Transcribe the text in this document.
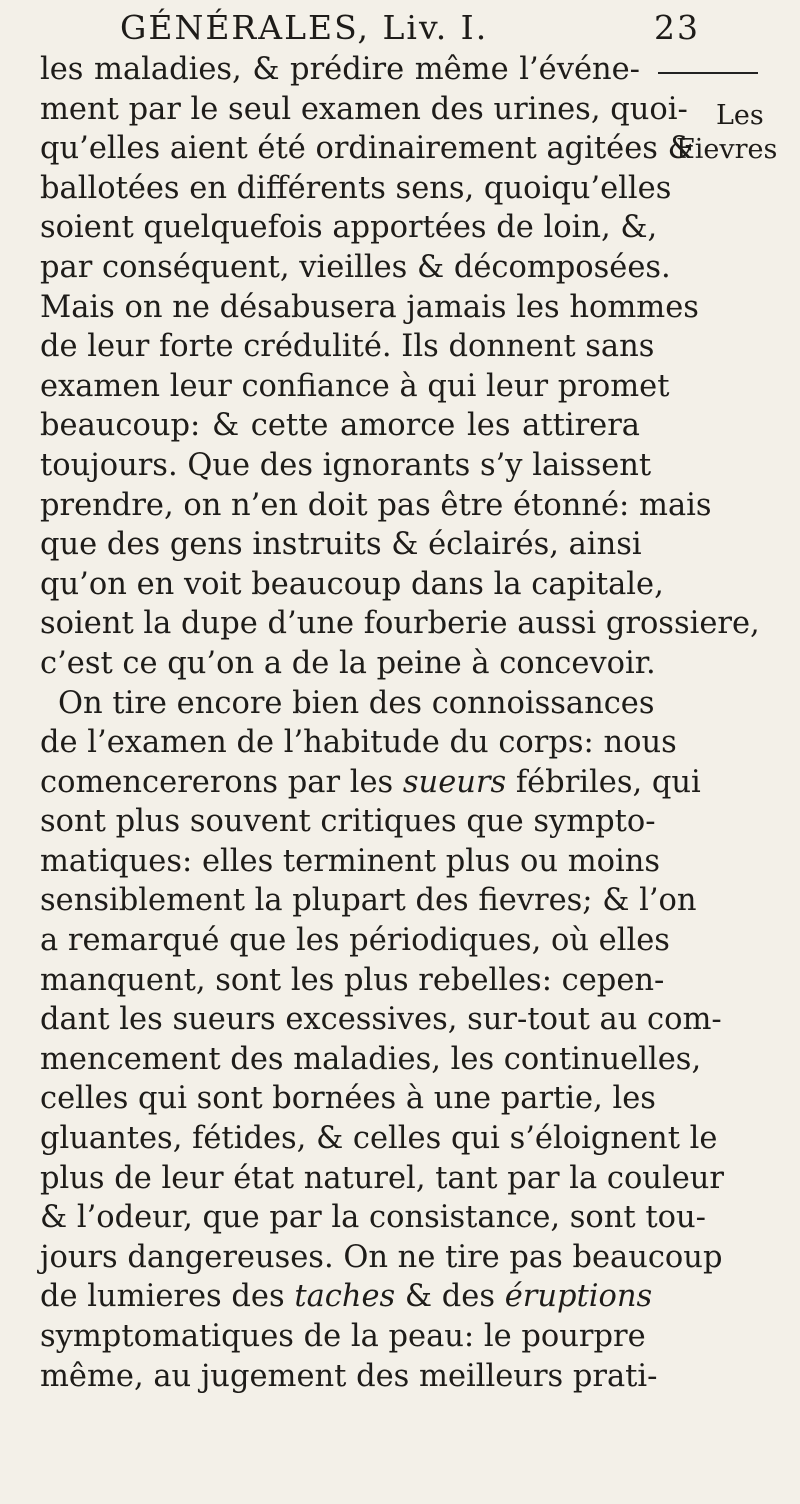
GÉNÉRALES, Liv. I.	23
Les
Fievres
les maladies, & prédire même l’événe-
ment par le seul examen des urines, quoi-
qu’elles aient été ordinairement agitées &
ballotées en différents sens, quoiqu’elles
soient quelquefois apportées de loin, &,
par conséquent, vieilles & décomposées.
Mais on ne désabusera jamais les hommes
de leur forte crédulité. Ils donnent sans
examen leur confiance à qui leur promet
beaucoup: & cette amorce les attirera
toujours. Que des ignorants s’y laissent
prendre, on n’en doit pas être étonné: mais
que des gens instruits & éclairés, ainsi
qu’on en voit beaucoup dans la capitale,
soient la dupe d’une fourberie aussi grossiere,
c’est ce qu’on a de la peine à concevoir.
On tire encore bien des connoissances
de l’examen de l’habitude du corps: nous
comencererons par les sueurs fébriles, qui
sont plus souvent critiques que sympto-
matiques: elles terminent plus ou moins
sensiblement la plupart des fievres; & l’on
a remarqué que les périodiques, où elles
manquent, sont les plus rebelles: cepen-
dant les sueurs excessives, sur-tout au com-
mencement des maladies, les continuelles,
celles qui sont bornées à une partie, les
gluantes, fétides, & celles qui s’éloignent le
plus de leur état naturel, tant par la couleur
& l’odeur, que par la consistance, sont tou-
jours dangereuses. On ne tire pas beaucoup
de lumieres des taches & des éruptions
symptomatiques de la peau: le pourpre
même, au jugement des meilleurs prati-
